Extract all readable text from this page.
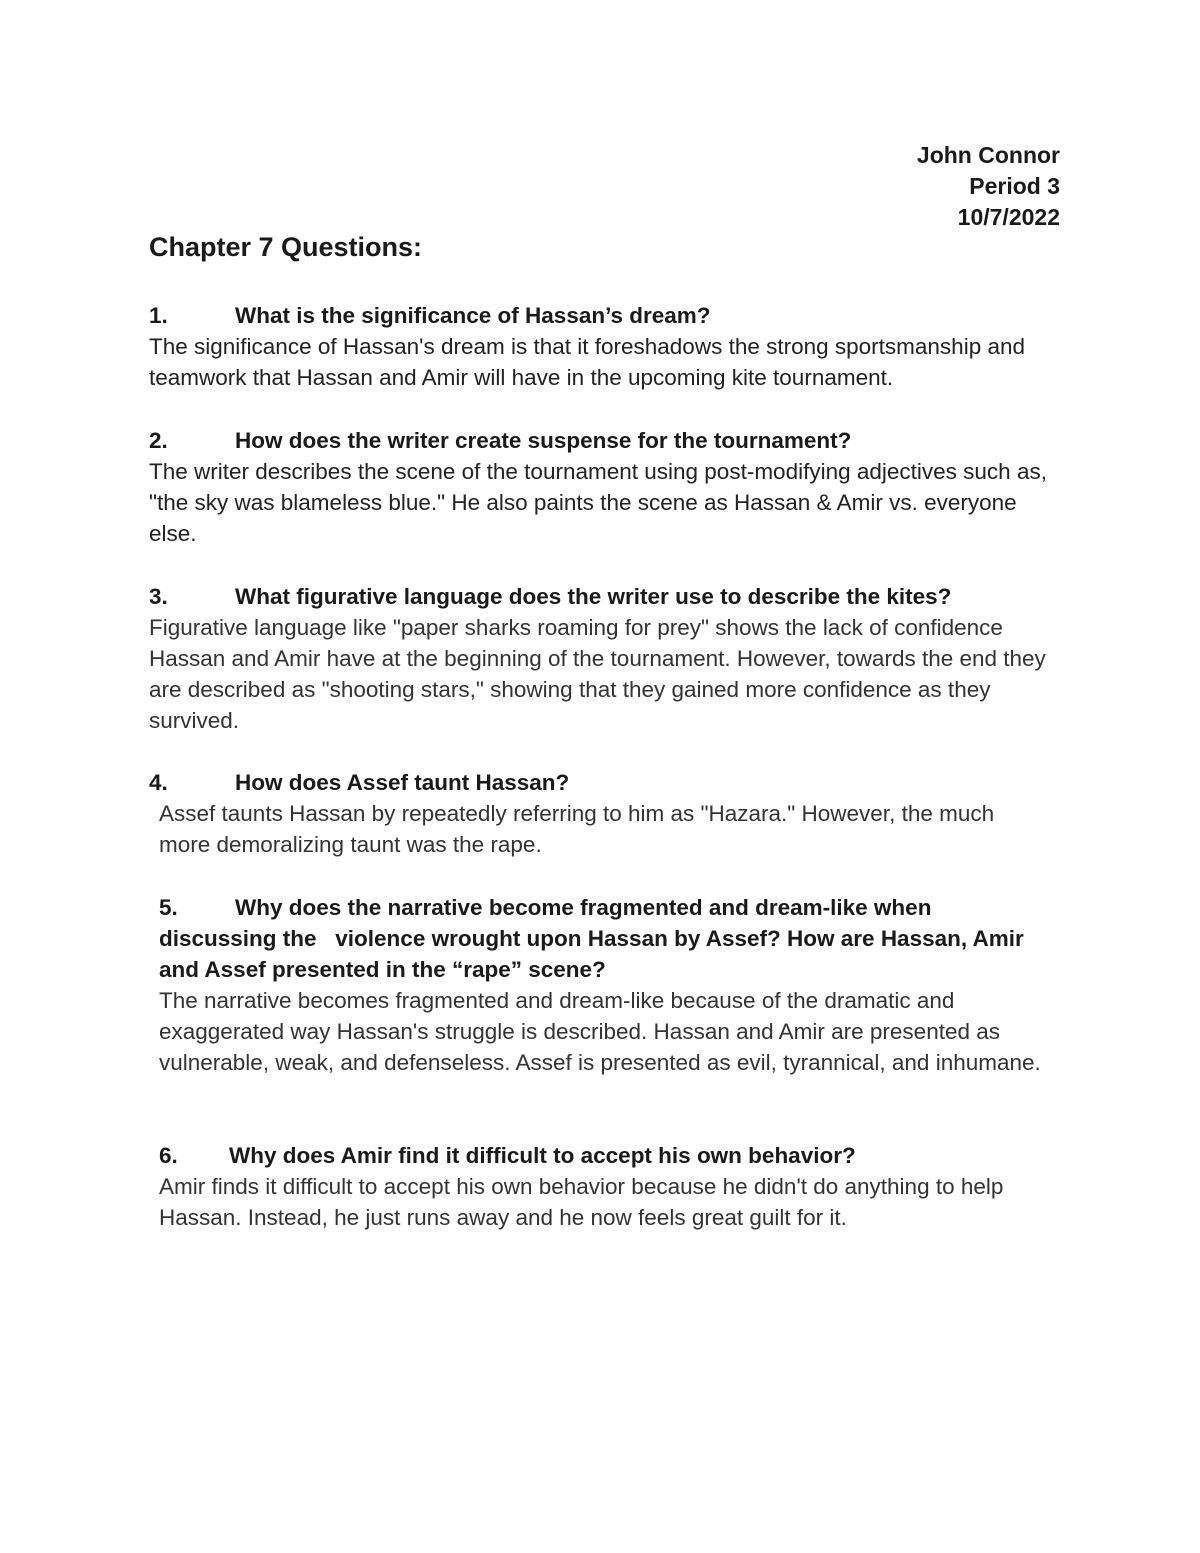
John Connor
Period 3
10/7/2022
Chapter 7 Questions:
1.	What is the significance of Hassan’s dream?
The significance of Hassan's dream is that it foreshadows the strong sportsmanship and teamwork that Hassan and Amir will have in the upcoming kite tournament.
2.	How does the writer create suspense for the tournament?
The writer describes the scene of the tournament using post-modifying adjectives such as, "the sky was blameless blue." He also paints the scene as Hassan & Amir vs. everyone else.
3.	What figurative language does the writer use to describe the kites?
Figurative language like "paper sharks roaming for prey" shows the lack of confidence Hassan and Amir have at the beginning of the tournament. However, towards the end they are described as "shooting stars," showing that they gained more confidence as they survived.
4.	How does Assef taunt Hassan?
Assef taunts Hassan by repeatedly referring to him as "Hazara." However, the much more demoralizing taunt was the rape.
5.	Why does the narrative become fragmented and dream-like when discussing the   violence wrought upon Hassan by Assef? How are Hassan, Amir and Assef presented in the “rape” scene?
The narrative becomes fragmented and dream-like because of the dramatic and exaggerated way Hassan's struggle is described. Hassan and Amir are presented as vulnerable, weak, and defenseless. Assef is presented as evil, tyrannical, and inhumane.
6.	Why does Amir find it difficult to accept his own behavior?
Amir finds it difficult to accept his own behavior because he didn't do anything to help Hassan. Instead, he just runs away and he now feels great guilt for it.
